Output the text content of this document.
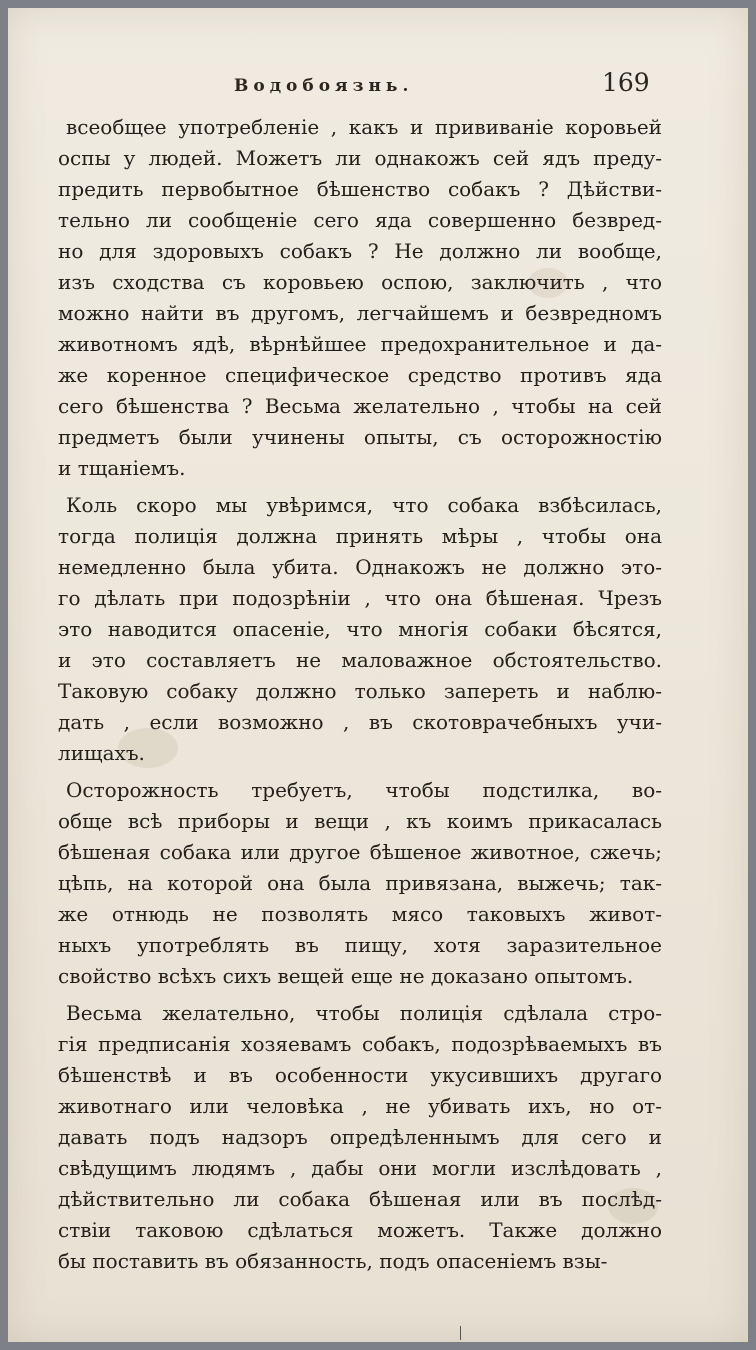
Водобоязнь.	169
всеобщее употребленіе , какъ и прививаніе коровьей
оспы у людей. Можетъ ли однакожъ сей ядъ преду-
предить первобытное бѣшенство собакъ ? Дѣйстви-
тельно ли сообщеніе сего яда совершенно безвред-
но для здоровыхъ собакъ ? Не должно ли вообще,
изъ сходства съ коровьею оспою, заключить , что
можно найти въ другомъ, легчайшемъ и безвредномъ
животномъ ядѣ, вѣрнѣйшее предохранительное и да-
же коренное специфическое средство противъ яда
сего бѣшенства ? Весьма желательно , чтобы на сей
предметъ были учинены опыты, съ осторожностію
и тщаніемъ.
Коль скоро мы увѣримся, что собака взбѣсилась,
тогда полиція должна принять мѣры , чтобы она
немедленно была убита. Однакожъ не должно это-
го дѣлать при подозрѣніи , что она бѣшеная. Чрезъ
это наводится опасеніе, что многія собаки бѣсятся,
и это составляетъ не маловажное обстоятельство.
Таковую собаку должно только запереть и наблю-
дать , если возможно , въ скотоврачебныхъ учи-
лищахъ.
Осторожность требуетъ, чтобы подстилка, во-
обще всѣ приборы и вещи , къ коимъ прикасалась
бѣшеная собака или другое бѣшеное животное, сжечь;
цѣпь, на которой она была привязана, выжечь; так-
же отнюдь не позволять мясо таковыхъ живот-
ныхъ употреблять въ пищу, хотя заразительное
свойство всѣхъ сихъ вещей еще не доказано опытомъ.
Весьма желательно, чтобы полиція сдѣлала стро-
гія предписанія хозяевамъ собакъ, подозрѣваемыхъ въ
бѣшенствѣ и въ особенности укусившихъ другаго
животнаго или человѣка , не убивать ихъ, но от-
давать подъ надзоръ опредѣленнымъ для сего и
свѣдущимъ людямъ , дабы они могли изслѣдовать ,
дѣйствительно ли собака бѣшеная или въ послѣд-
ствіи таковою сдѣлаться можетъ. Также должно
бы поставить въ обязанность, подъ опасеніемъ взы-
